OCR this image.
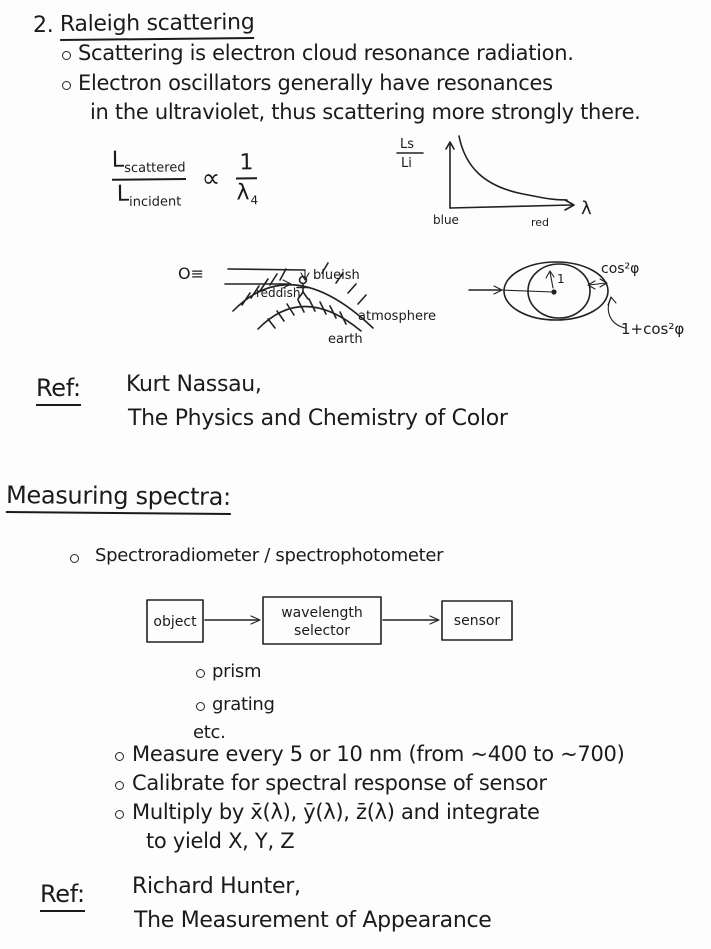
2. Raleigh scattering
Scattering is electron cloud resonance radiation.
Electron oscillators generally have resonances
in the ultraviolet, thus scattering more strongly there.
$\frac{L_{scattered}}{L_{incident}} \propto \frac{1}{\lambda_4}$
Ls
Li
λ
blue	red
O≡	blueish
reddish
atmosphere
earth
1
cos²φ
1+cos²φ
Ref: Kurt Nassau,
The Physics and Chemistry of Color
Measuring spectra:
Spectroradiometer / spectrophotometer
object
wavelength
selector
sensor
prism
grating
etc.
Measure every 5 or 10 nm (from ~400 to ~700)
Calibrate for spectral response of sensor
Multiply by x̄(λ), ȳ(λ), z̄(λ) and integrate
to yield X, Y, Z
Ref: Richard Hunter,
The Measurement of Appearance
